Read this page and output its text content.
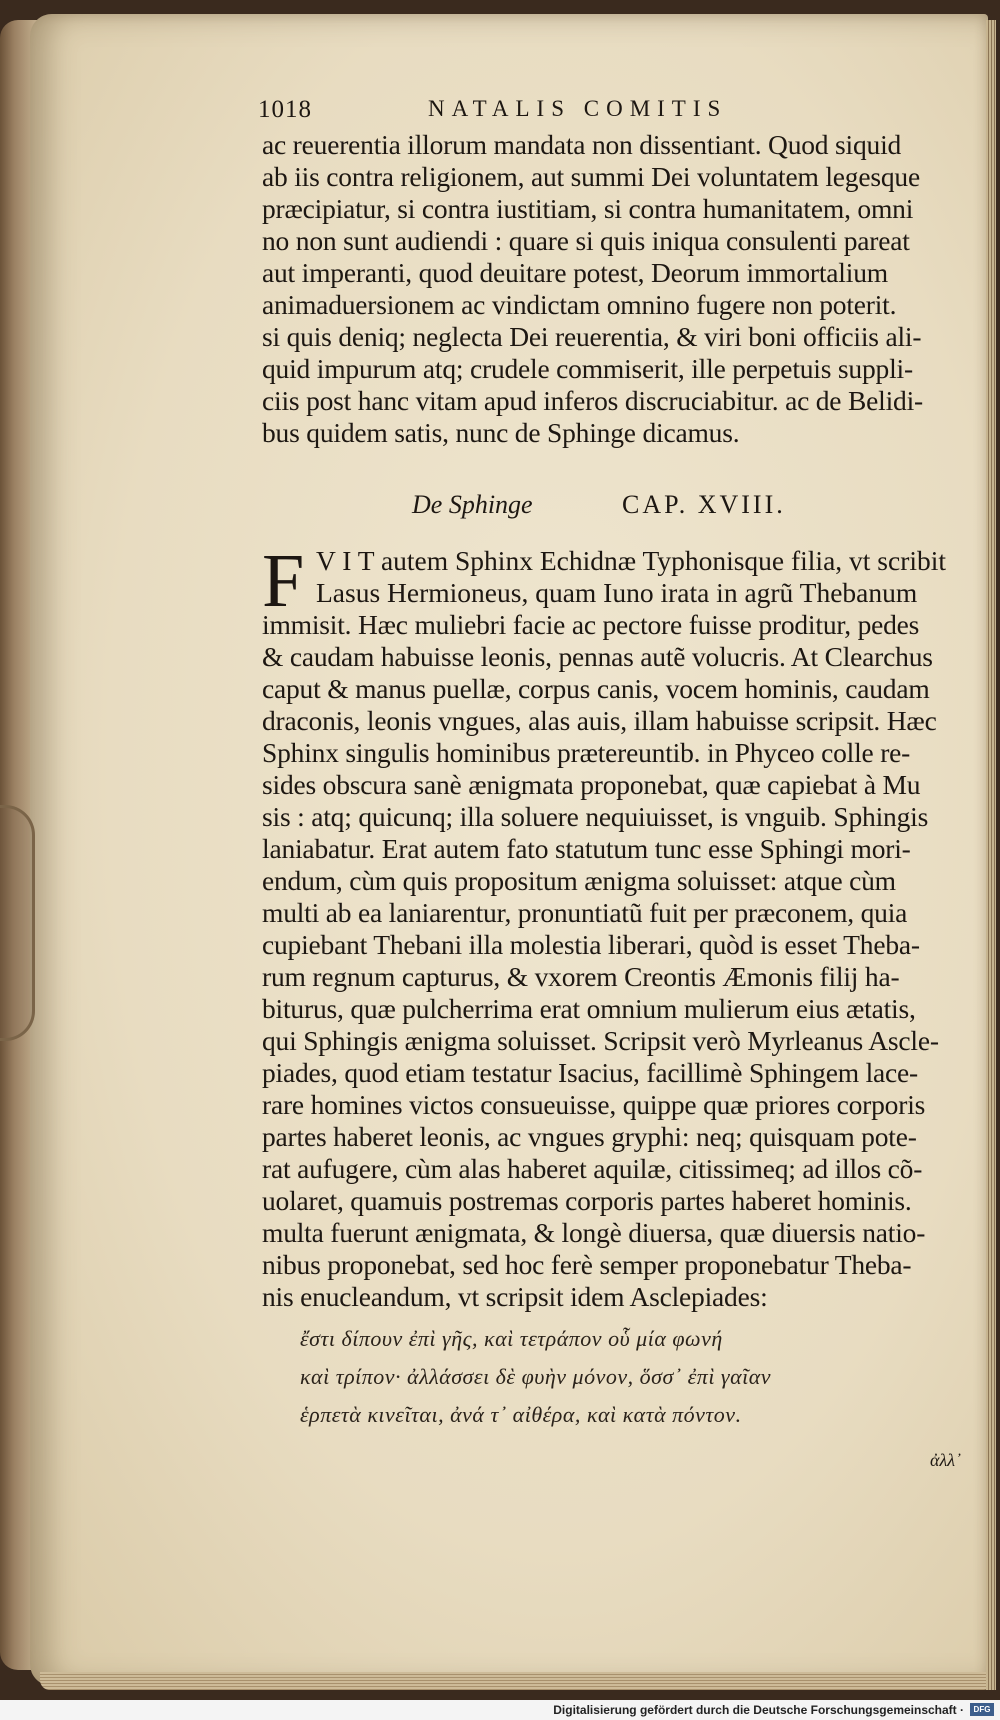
1018	NATALIS COMITIS
ac reuerentia illorum mandata non dissentiant. Quod siquid
ab iis contra religionem, aut summi Dei voluntatem legesque
præcipiatur, si contra iustitiam, si contra humanitatem, omni
no non sunt audiendi : quare si quis iniqua consulenti pareat
aut imperanti, quod deuitare potest, Deorum immortalium
animaduersionem ac vindictam omnino fugere non poterit.
si quis deniq; neglecta Dei reuerentia, & viri boni officiis ali-
quid impurum atq; crudele commiserit, ille perpetuis suppli-
ciis post hanc vitam apud inferos discruciabitur. ac de Belidi-
bus quidem satis, nunc de Sphinge dicamus.
De Sphinge	CAP. XVIII.
F V I T autem Sphinx Echidnæ Typhonisque filia, vt scribit
Lasus Hermioneus, quam Iuno irata in agrũ Thebanum
immisit. Hæc muliebri facie ac pectore fuisse proditur, pedes
& caudam habuisse leonis, pennas autẽ volucris. At Clearchus
caput & manus puellæ, corpus canis, vocem hominis, caudam
draconis, leonis vngues, alas auis, illam habuisse scripsit. Hæc
Sphinx singulis hominibus prætereuntib. in Phyceo colle re-
sides obscura sanè ænigmata proponebat, quæ capiebat à Mu
sis : atq; quicunq; illa soluere nequiuisset, is vnguib. Sphingis
laniabatur. Erat autem fato statutum tunc esse Sphingi mori-
endum, cùm quis propositum ænigma soluisset: atque cùm
multi ab ea laniarentur, pronuntiatũ fuit per præconem, quia
cupiebant Thebani illa molestia liberari, quòd is esset Theba-
rum regnum capturus, & vxorem Creontis Æmonis filij ha-
biturus, quæ pulcherrima erat omnium mulierum eius ætatis,
qui Sphingis ænigma soluisset. Scripsit verò Myrleanus Ascle-
piades, quod etiam testatur Isacius, facillimè Sphingem lace-
rare homines victos consueuisse, quippe quæ priores corporis
partes haberet leonis, ac vngues gryphi: neq; quisquam pote-
rat aufugere, cùm alas haberet aquilæ, citissimeq; ad illos cõ-
uolaret, quamuis postremas corporis partes haberet hominis.
multa fuerunt ænigmata, & longè diuersa, quæ diuersis natio-
nibus proponebat, sed hoc ferè semper proponebatur Theba-
nis enucleandum, vt scripsit idem Asclepiades:
ἔστι δίπουν ἐπὶ γῆς, καὶ τετράπον οὗ μία φωνή
καὶ τρίπον· ἀλλάσσει δὲ φυὴν μόνον, ὅσσ᾽ ἐπὶ γαῖαν
ἑρπετὰ κινεῖται, ἀνά τ᾽ αἰθέρα, καὶ κατὰ πόντον.
ἀλλ᾽
Digitalisierung gefördert durch die Deutsche Forschungsgemeinschaft ·	DFG
